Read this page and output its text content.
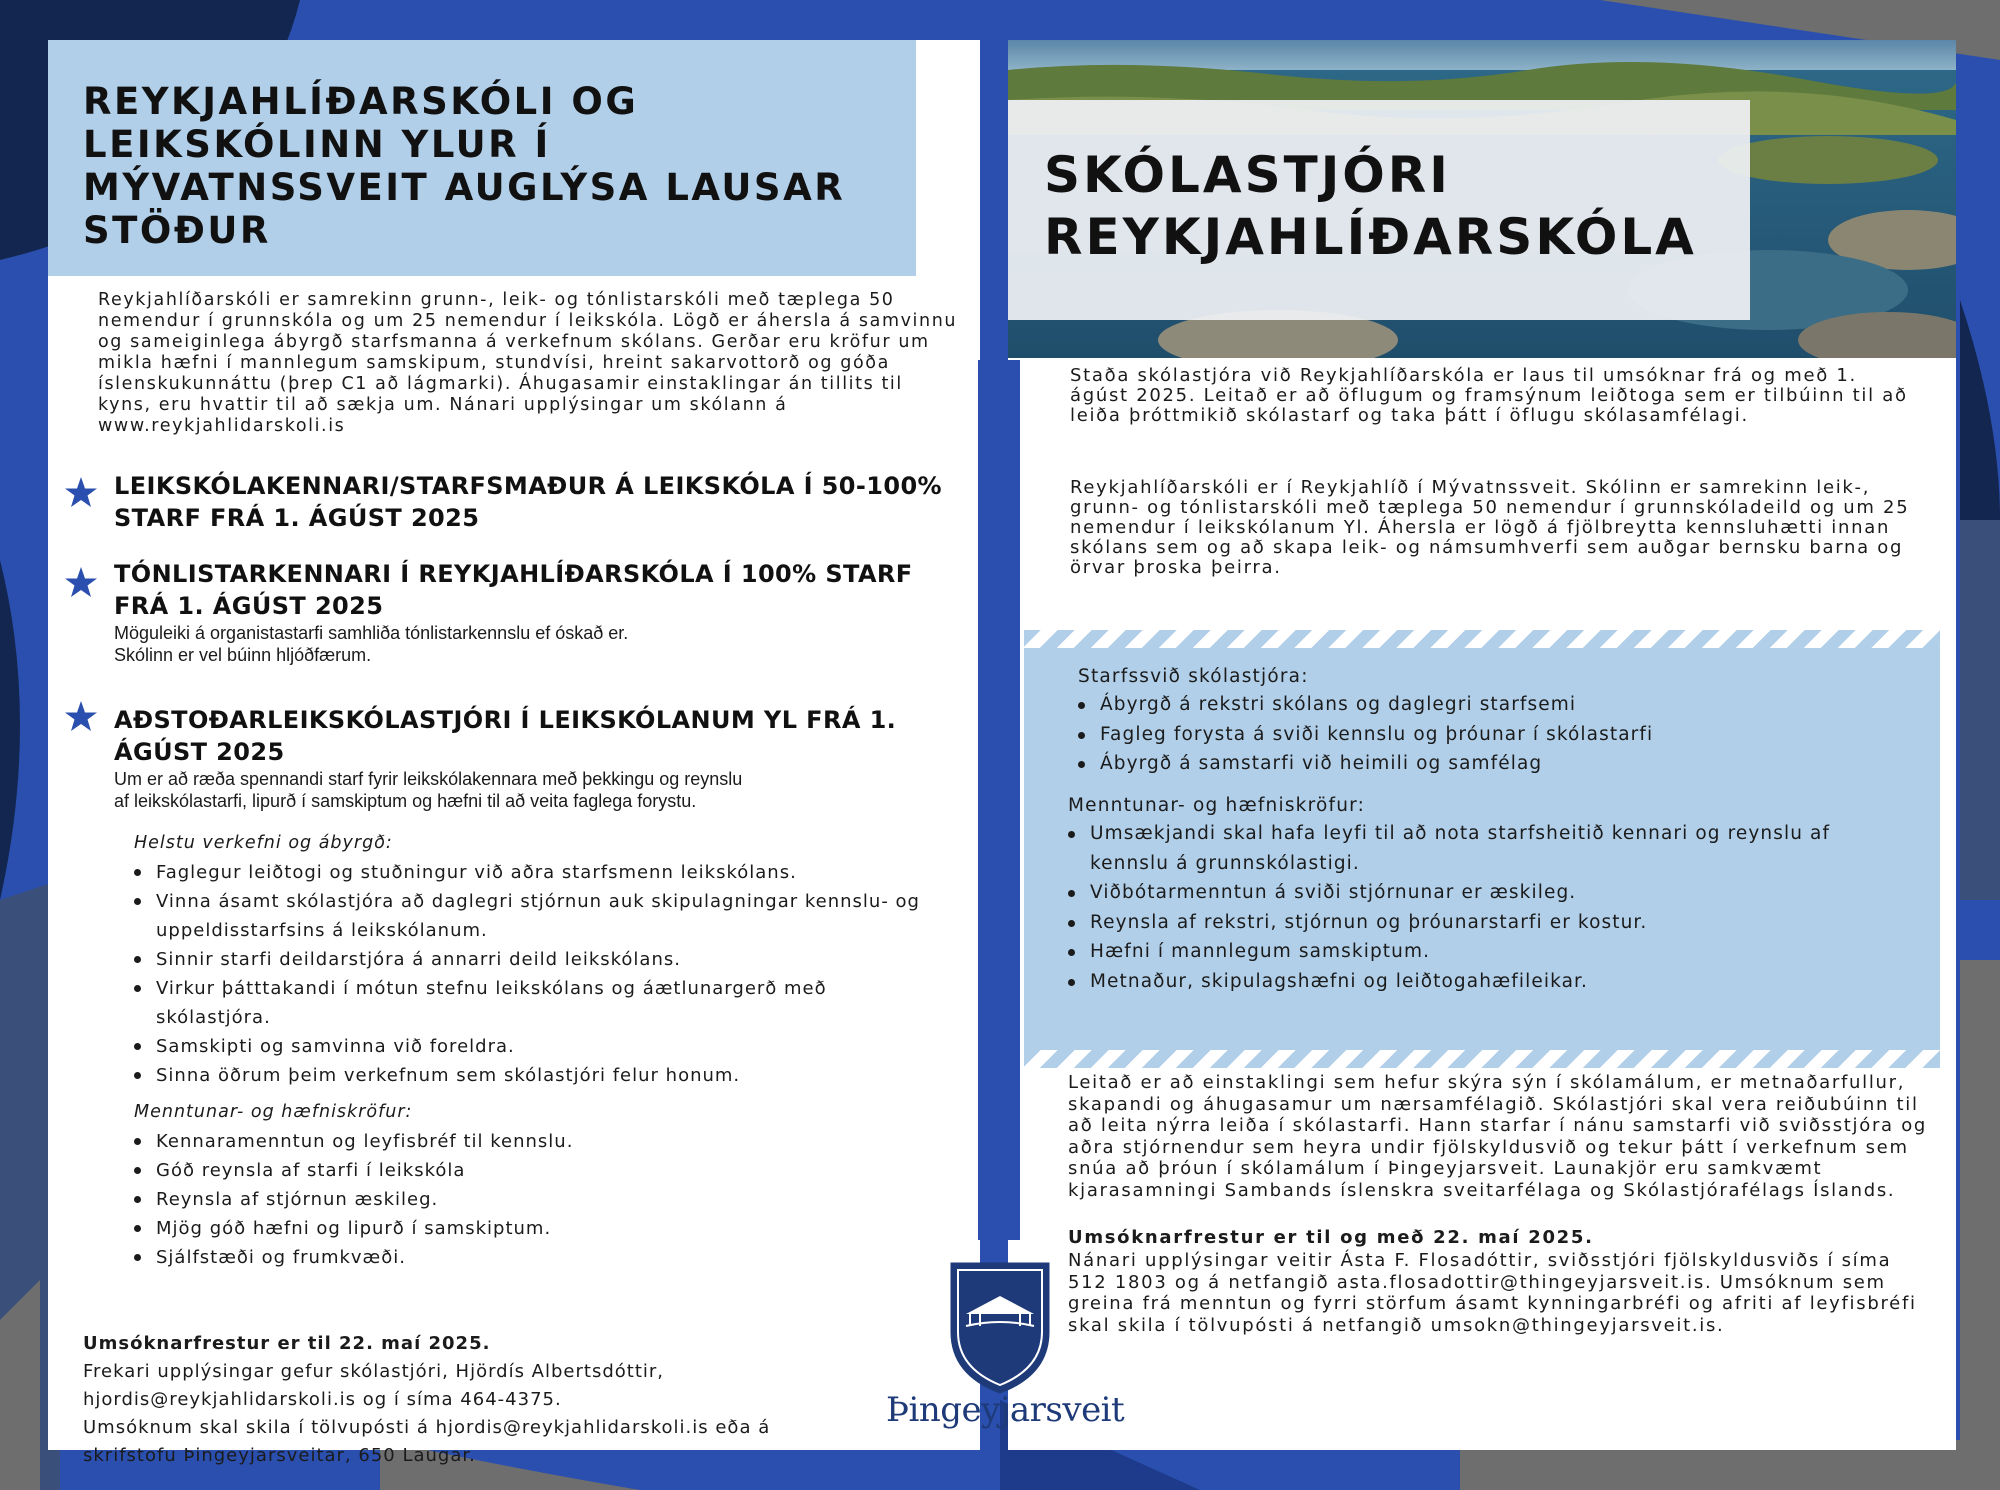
REYKJAHLÍÐARSKÓLI OG LEIKSKÓLINN YLUR Í MÝVATNSSVEIT AUGLÝSA LAUSAR STÖÐUR
Reykjahlíðarskóli er samrekinn grunn-, leik- og tónlistarskóli með tæplega 50 nemendur í grunnskóla og um 25 nemendur í leikskóla. Lögð er áhersla á samvinnu og sameiginlega ábyrgð starfsmanna á verkefnum skólans. Gerðar eru kröfur um mikla hæfni í mannlegum samskipum, stundvísi, hreint sakarvottorð og góða íslenskukunnáttu (þrep C1 að lágmarki). Áhugasamir einstaklingar án tillits til kyns, eru hvattir til að sækja um. Nánari upplýsingar um skólann á www.reykjahlidarskoli.is
LEIKSKÓLAKENNARI/STARFSMAÐUR Á LEIKSKÓLA Í 50-100% STARF FRÁ 1. ÁGÚST 2025
TÓNLISTARKENNARI Í REYKJAHLÍÐARSKÓLA Í 100% STARF FRÁ 1. ÁGÚST 2025
Möguleiki á organistastarfi samhliða tónlistarkennslu ef óskað er.
Skólinn er vel búinn hljóðfærum.
AÐSTOÐARLEIKSKÓLASTJÓRI Í LEIKSKÓLANUM YL FRÁ 1. ÁGÚST 2025
Um er að ræða spennandi starf fyrir leikskólakennara með þekkingu og reynslu
af leikskólastarfi, lipurð í samskiptum og hæfni til að veita faglega forystu.
Helstu verkefni og ábyrgð:
Faglegur leiðtogi og stuðningur við aðra starfsmenn leikskólans.
Vinna ásamt skólastjóra að daglegri stjórnun auk skipulagningar kennslu- og
uppeldisstarfsins á leikskólanum.
Sinnir starfi deildarstjóra á annarri deild leikskólans.
Virkur þátttakandi í mótun stefnu leikskólans og áætlunargerð með
skólastjóra.
Samskipti og samvinna við foreldra.
Sinna öðrum þeim verkefnum sem skólastjóri felur honum.
Menntunar- og hæfniskröfur:
Kennaramenntun og leyfisbréf til kennslu.
Góð reynsla af starfi í leikskóla
Reynsla af stjórnun æskileg.
Mjög góð hæfni og lipurð í samskiptum.
Sjálfstæði og frumkvæði.
Umsóknarfrestur er til 22. maí 2025.
Frekari upplýsingar gefur skólastjóri, Hjördís Albertsdóttir,
hjordis@reykjahlidarskoli.is og í síma 464-4375.
Umsóknum skal skila í tölvupósti á hjordis@reykjahlidarskoli.is eða á
skrifstofu Þingeyjarsveitar, 650 Laugar.
SKÓLASTJÓRI
REYKJAHLÍÐARSKÓLA
Staða skólastjóra við Reykjahlíðarskóla er laus til umsóknar frá og með 1. ágúst 2025. Leitað er að öflugum og framsýnum leiðtoga sem er tilbúinn til að leiða þróttmikið skólastarf og taka þátt í öflugu skólasamfélagi.
Reykjahlíðarskóli er í Reykjahlíð í Mývatnssveit. Skólinn er samrekinn leik-, grunn- og tónlistarskóli með tæplega 50 nemendur í grunnskóladeild og um 25 nemendur í leikskólanum Yl. Áhersla er lögð á fjölbreytta kennsluhætti innan skólans sem og að skapa leik- og námsumhverfi sem auðgar bernsku barna og örvar þroska þeirra.
Starfssvið skólastjóra:
Ábyrgð á rekstri skólans og daglegri starfsemi
Fagleg forysta á sviði kennslu og þróunar í skólastarfi
Ábyrgð á samstarfi við heimili og samfélag
Menntunar- og hæfniskröfur:
Umsækjandi skal hafa leyfi til að nota starfsheitið kennari og reynslu af
kennslu á grunnskólastigi.
Viðbótarmenntun á sviði stjórnunar er æskileg.
Reynsla af rekstri, stjórnun og þróunarstarfi er kostur.
Hæfni í mannlegum samskiptum.
Metnaður, skipulagshæfni og leiðtogahæfileikar.
Leitað er að einstaklingi sem hefur skýra sýn í skólamálum, er metnaðarfullur, skapandi og áhugasamur um nærsamfélagið. Skólastjóri skal vera reiðubúinn til að leita nýrra leiða í skólastarfi. Hann starfar í nánu samstarfi við sviðsstjóra og aðra stjórnendur sem heyra undir fjölskyldusvið og tekur þátt í verkefnum sem snúa að þróun í skólamálum í Þingeyjarsveit. Launakjör eru samkvæmt kjarasamningi Sambands íslenskra sveitarfélaga og Skólastjórafélags Íslands.
Umsóknarfrestur er til og með 22. maí 2025.
Nánari upplýsingar veitir Ásta F. Flosadóttir, sviðsstjóri fjölskyldusviðs í síma 512 1803 og á netfangið asta.flosadottir@thingeyjarsveit.is. Umsóknum sem greina frá menntun og fyrri störfum ásamt kynningarbréfi og afriti af leyfisbréfi skal skila í tölvupósti á netfangið umsokn@thingeyjarsveit.is.
Þingeyjarsveit
